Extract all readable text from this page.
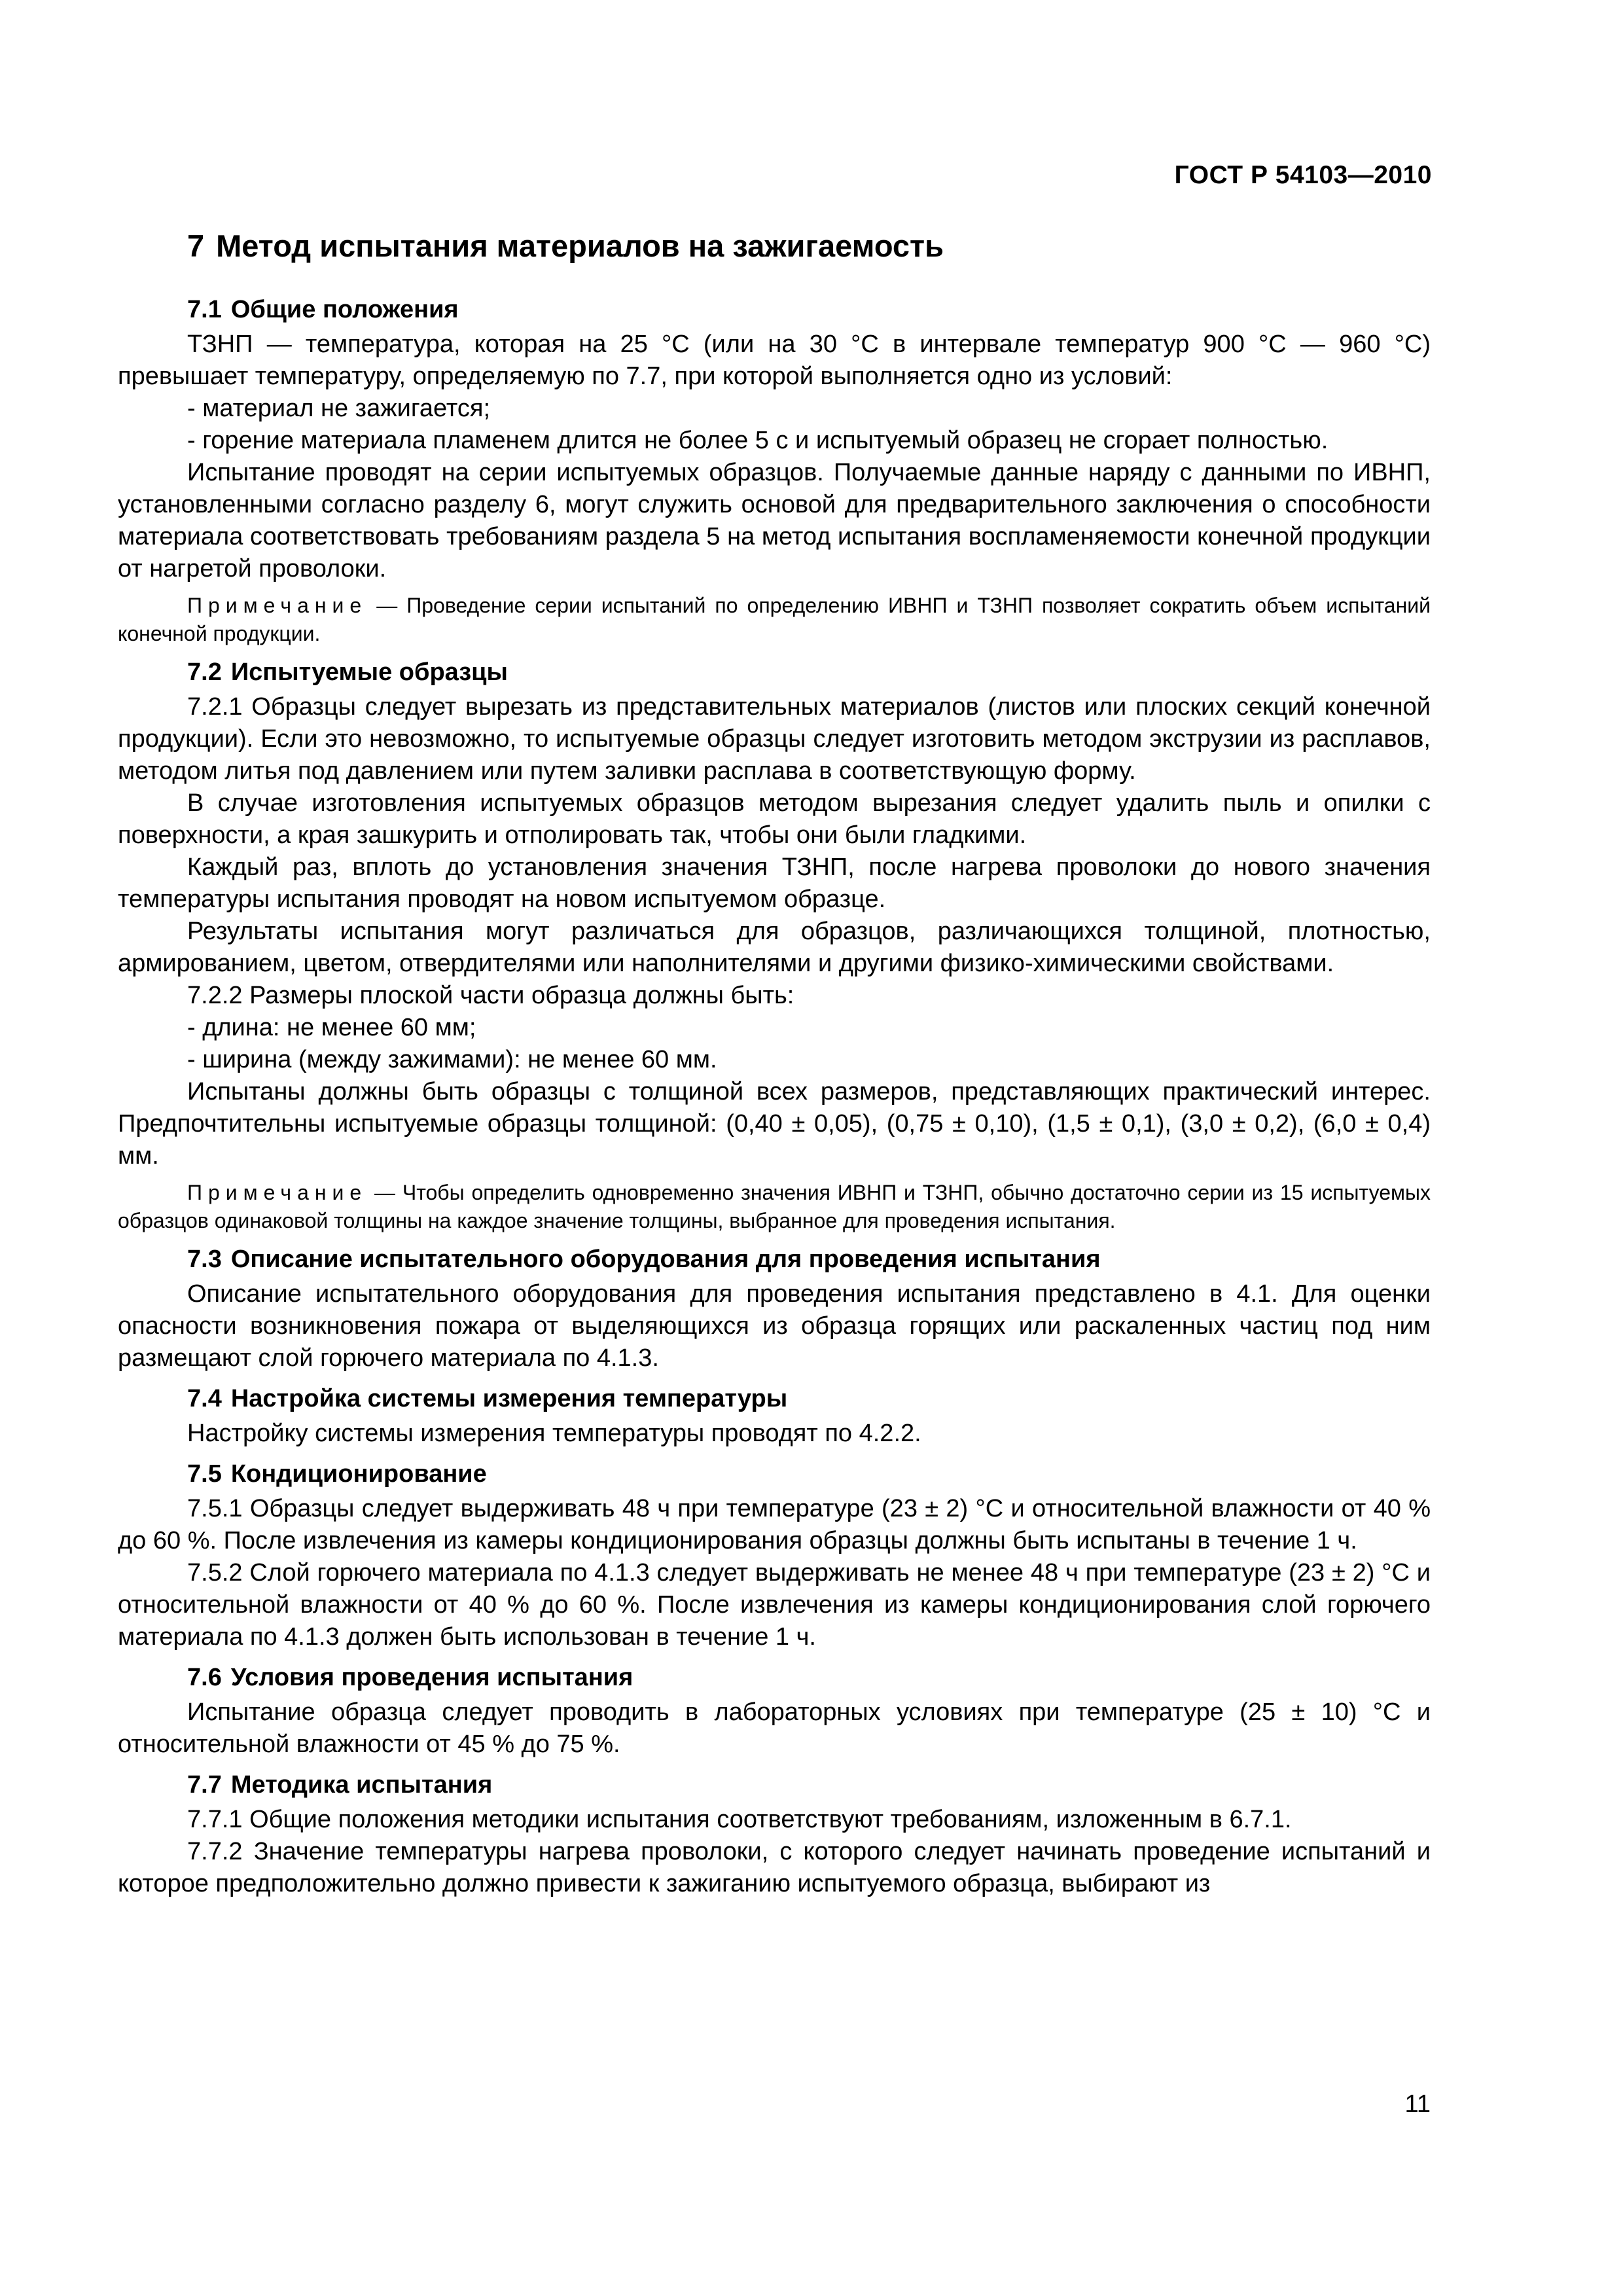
ГОСТ Р 54103—2010
7 Метод испытания материалов на зажигаемость
7.1 Общие положения

ТЗНП — температура, которая на 25 °С (или на 30 °С в интервале температур 900 °С — 960 °С) превышает температуру, определяемую по 7.7, при которой выполняется одно из условий:

- материал не зажигается;

- горение материала пламенем длится не более 5 с и испытуемый образец не сгорает полностью.

Испытание проводят на серии испытуемых образцов. Получаемые данные наряду с данными по ИВНП, установленными согласно разделу 6, могут служить основой для предварительного заключения о способности материала соответствовать требованиям раздела 5 на метод испытания воспламеняемости конечной продукции от нагретой проволоки.

Примечание — Проведение серии испытаний по определению ИВНП и ТЗНП позволяет сократить объем испытаний конечной продукции.
7.2 Испытуемые образцы

7.2.1 Образцы следует вырезать из представительных материалов (листов или плоских секций конечной продукции). Если это невозможно, то испытуемые образцы следует изготовить методом экструзии из расплавов, методом литья под давлением или путем заливки расплава в соответствующую форму.

В случае изготовления испытуемых образцов методом вырезания следует удалить пыль и опилки с поверхности, а края зашкурить и отполировать так, чтобы они были гладкими.

Каждый раз, вплоть до установления значения ТЗНП, после нагрева проволоки до нового значения температуры испытания проводят на новом испытуемом образце.

Результаты испытания могут различаться для образцов, различающихся толщиной, плотностью, армированием, цветом, отвердителями или наполнителями и другими физико-химическими свойствами.

7.2.2 Размеры плоской части образца должны быть:

- длина: не менее 60 мм;

- ширина (между зажимами): не менее 60 мм.

Испытаны должны быть образцы с толщиной всех размеров, представляющих практический интерес. Предпочтительны испытуемые образцы толщиной: (0,40 ± 0,05), (0,75 ± 0,10), (1,5 ± 0,1), (3,0 ± 0,2), (6,0 ± 0,4) мм.

Примечание — Чтобы определить одновременно значения ИВНП и ТЗНП, обычно достаточно серии из 15 испытуемых образцов одинаковой толщины на каждое значение толщины, выбранное для проведения испытания.
7.3 Описание испытательного оборудования для проведения испытания

Описание испытательного оборудования для проведения испытания представлено в 4.1. Для оценки опасности возникновения пожара от выделяющихся из образца горящих или раскаленных частиц под ним размещают слой горючего материала по 4.1.3.

7.4 Настройка системы измерения температуры

Настройку системы измерения температуры проводят по 4.2.2.

7.5 Кондиционирование

7.5.1 Образцы следует выдерживать 48 ч при температуре (23 ± 2) °С и относительной влажности от 40 % до 60 %. После извлечения из камеры кондиционирования образцы должны быть испытаны в течение 1 ч.

7.5.2 Слой горючего материала по 4.1.3 следует выдерживать не менее 48 ч при температуре (23 ± 2) °С и относительной влажности от 40 % до 60 %. После извлечения из камеры кондиционирования слой горючего материала по 4.1.3 должен быть использован в течение 1 ч.

7.6 Условия проведения испытания

Испытание образца следует проводить в лабораторных условиях при температуре (25 ± 10) °С и относительной влажности от 45 % до 75 %.

7.7 Методика испытания

7.7.1 Общие положения методики испытания соответствуют требованиям, изложенным в 6.7.1.

7.7.2 Значение температуры нагрева проволоки, с которого следует начинать проведение испытаний и которое предположительно должно привести к зажиганию испытуемого образца, выбирают из

11
